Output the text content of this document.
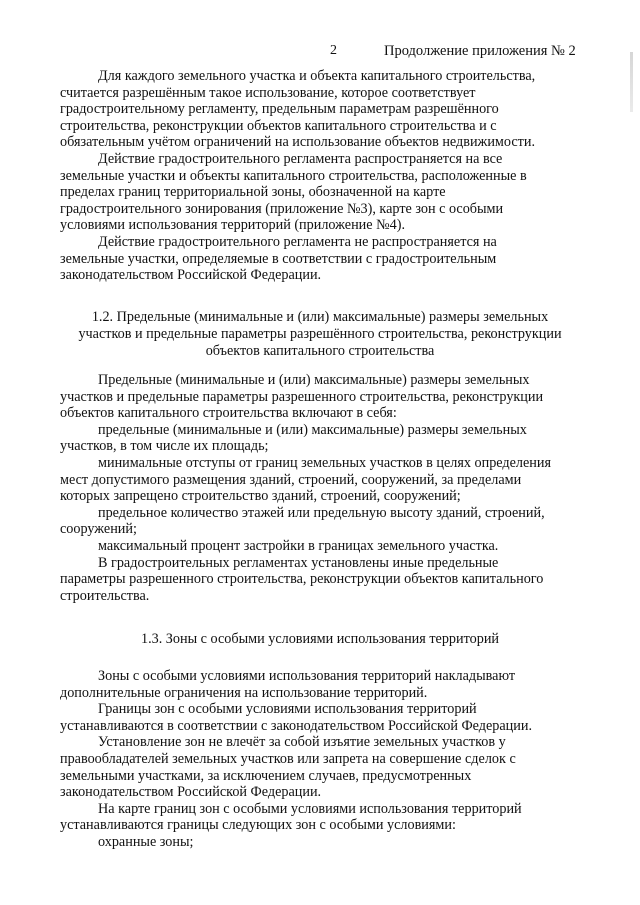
2	Продолжение приложения № 2

Для каждого земельного участка и объекта капитального строительства,

считается разрешённым такое использование, которое соответствует

градостроительному регламенту, предельным параметрам разрешённого

строительства, реконструкции объектов капитального строительства и с

обязательным учётом ограничений на использование объектов недвижимости.

Действие градостроительного регламента распространяется на все

земельные участки и объекты капитального строительства, расположенные в

пределах границ территориальной зоны, обозначенной на карте

градостроительного зонирования (приложение №3), карте зон с особыми

условиями использования территорий (приложение №4).

Действие градостроительного регламента не распространяется на

земельные участки, определяемые в соответствии с градостроительным

законодательством Российской Федерации.

1.2. Предельные (минимальные и (или) максимальные) размеры земельных
участков и предельные параметры разрешённого строительства, реконструкции
объектов капитального строительства

Предельные (минимальные и (или) максимальные) размеры земельных

участков и предельные параметры разрешенного строительства, реконструкции

объектов капитального строительства включают в себя:

предельные (минимальные и (или) максимальные) размеры земельных

участков, в том числе их площадь;

минимальные отступы от границ земельных участков в целях определения

мест допустимого размещения зданий, строений, сооружений, за пределами

которых запрещено строительство зданий, строений, сооружений;

предельное количество этажей или предельную высоту зданий, строений,

сооружений;

максимальный процент застройки в границах земельного участка.

В градостроительных регламентах установлены иные предельные

параметры разрешенного строительства, реконструкции объектов капитального

строительства.

1.3. Зоны с особыми условиями использования территорий

Зоны с особыми условиями использования территорий накладывают

дополнительные ограничения на использование территорий.

Границы зон с особыми условиями использования территорий

устанавливаются в соответствии с законодательством Российской Федерации.

Установление зон не влечёт за собой изъятие земельных участков у

правообладателей земельных участков или запрета на совершение сделок с

земельными участками, за исключением случаев, предусмотренных

законодательством Российской Федерации.

На карте границ зон с особыми условиями использования территорий

устанавливаются границы следующих зон с особыми условиями:

охранные зоны;
